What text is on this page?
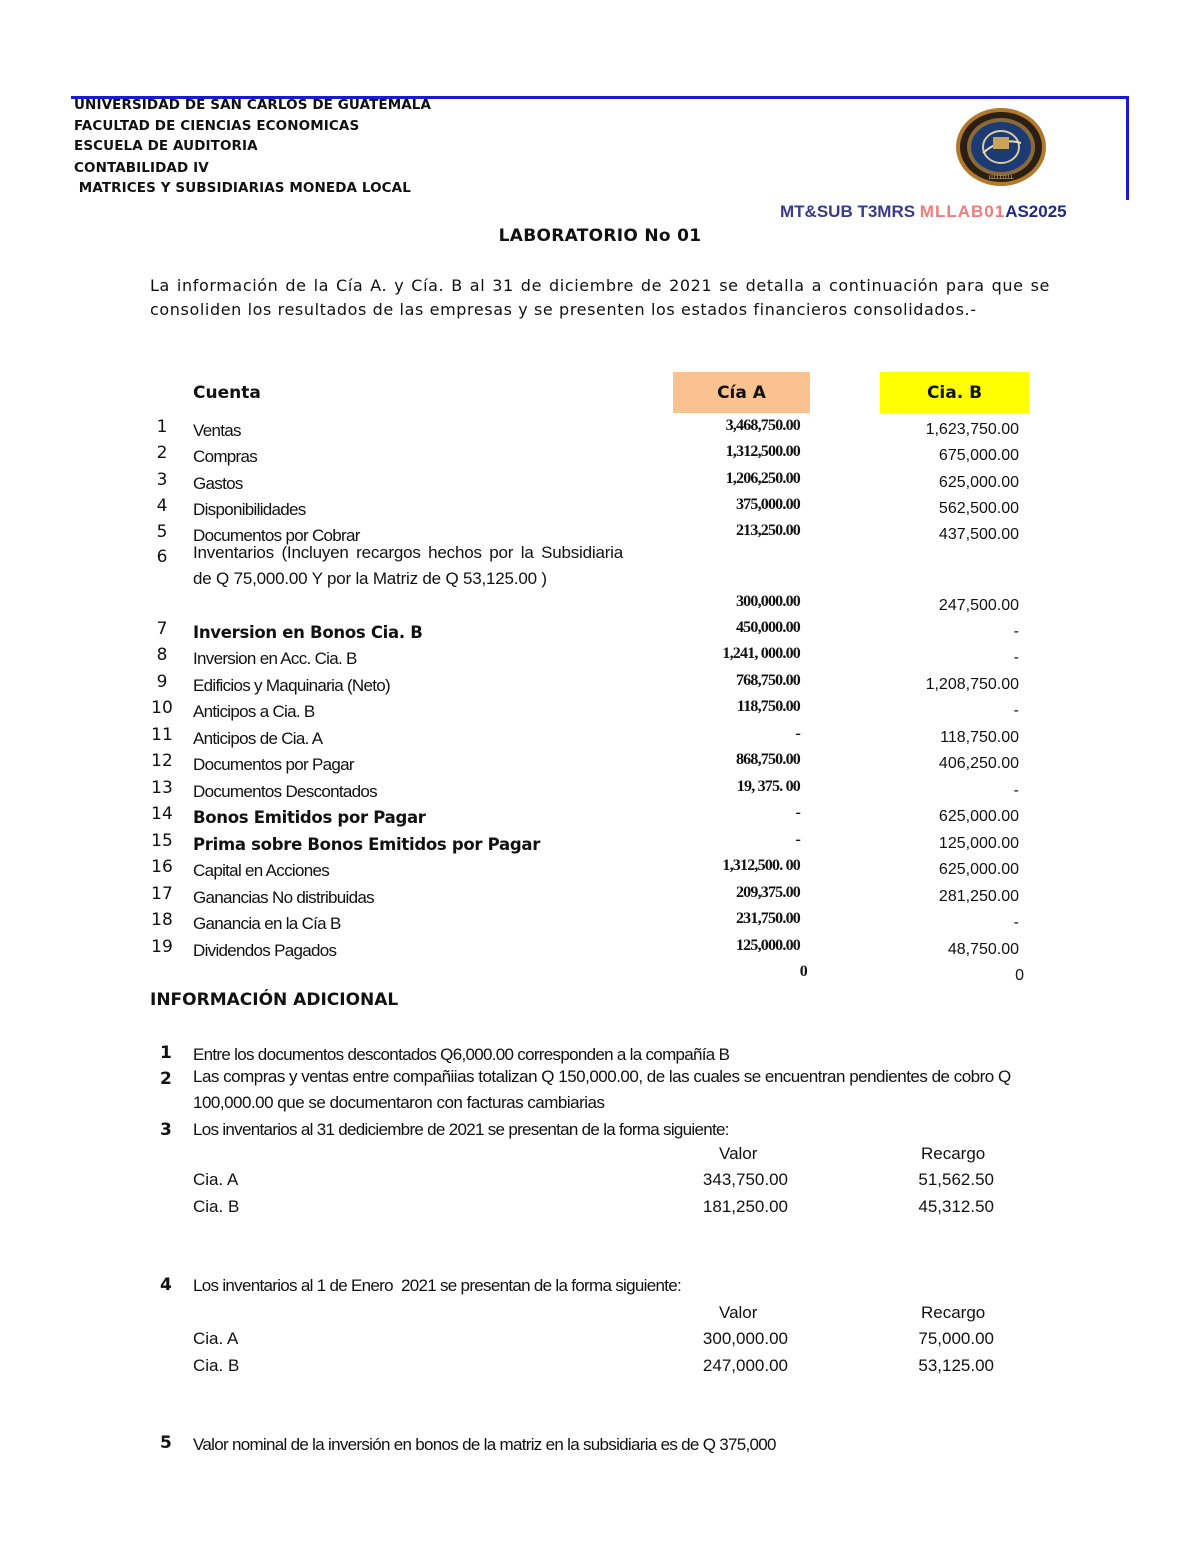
UNIVERSIDAD DE SAN CARLOS DE GUATEMALA
FACULTAD DE CIENCIAS ECONOMICAS
ESCUELA DE AUDITORIA
CONTABILIDAD IV
MATRICES Y SUBSIDIARIAS MONEDA LOCAL
LLLLLLLLL
MT&SUB T3MRS MLLAB01AS2025
LABORATORIO No 01
La información de la Cía A. y Cía. B al 31 de diciembre de 2021 se detalla a continuación para que se consoliden los resultados de las empresas y se presenten los estados financieros consolidados.-
Cuenta	Cía A	Cia. B
1	Ventas	3,468,750.00	1,623,750.00
2	Compras	1,312,500.00	675,000.00
3	Gastos	1,206,250.00	625,000.00
4	Disponibilidades	375,000.00	562,500.00
5	Documentos por Cobrar	213,250.00	437,500.00
6	Inventarios (Incluyen recargos hechos por la Subsidiaria de Q 75,000.00 Y por la Matriz de Q 53,125.00 )
300,000.00	247,500.00
7	Inversion en Bonos Cia. B	450,000.00	-
8	Inversion en Acc. Cia. B	1,241, 000.00	-
9	Edificios y Maquinaria (Neto)	768,750.00	1,208,750.00
10 Anticipos a Cia. B	118,750.00	-
11 Anticipos de Cia. A	-	118,750.00
12 Documentos por Pagar	868,750.00	406,250.00
13 Documentos Descontados	19, 375. 00	-
14 Bonos Emitidos por Pagar	-	625,000.00
15 Prima sobre Bonos Emitidos por Pagar	-	125,000.00
16 Capital en Acciones	1,312,500. 00	625,000.00
17 Ganancias No distribuidas	209,375.00	281,250.00
18 Ganancia en la Cía B	231,750.00	-
19 Dividendos Pagados	125,000.00	48,750.00
0	0
INFORMACIÓN ADICIONAL
1 Entre los documentos descontados Q6,000.00 corresponden a la compañía B
2 Las compras y ventas entre compañiias totalizan Q 150,000.00, de las cuales se encuentran pendientes de cobro Q 100,000.00 que se documentaron con facturas cambiarias
3 Los inventarios al 31 dediciembre de 2021 se presentan de la forma siguiente:
Valor	Recargo
Cia. A	343,750.00	51,562.50
Cia. B	181,250.00	45,312.50
4 Los inventarios al 1 de Enero  2021 se presentan de la forma siguiente:
Valor	Recargo
Cia. A	300,000.00	75,000.00
Cia. B	247,000.00	53,125.00
5 Valor nominal de la inversión en bonos de la matriz en la subsidiaria es de Q 375,000
